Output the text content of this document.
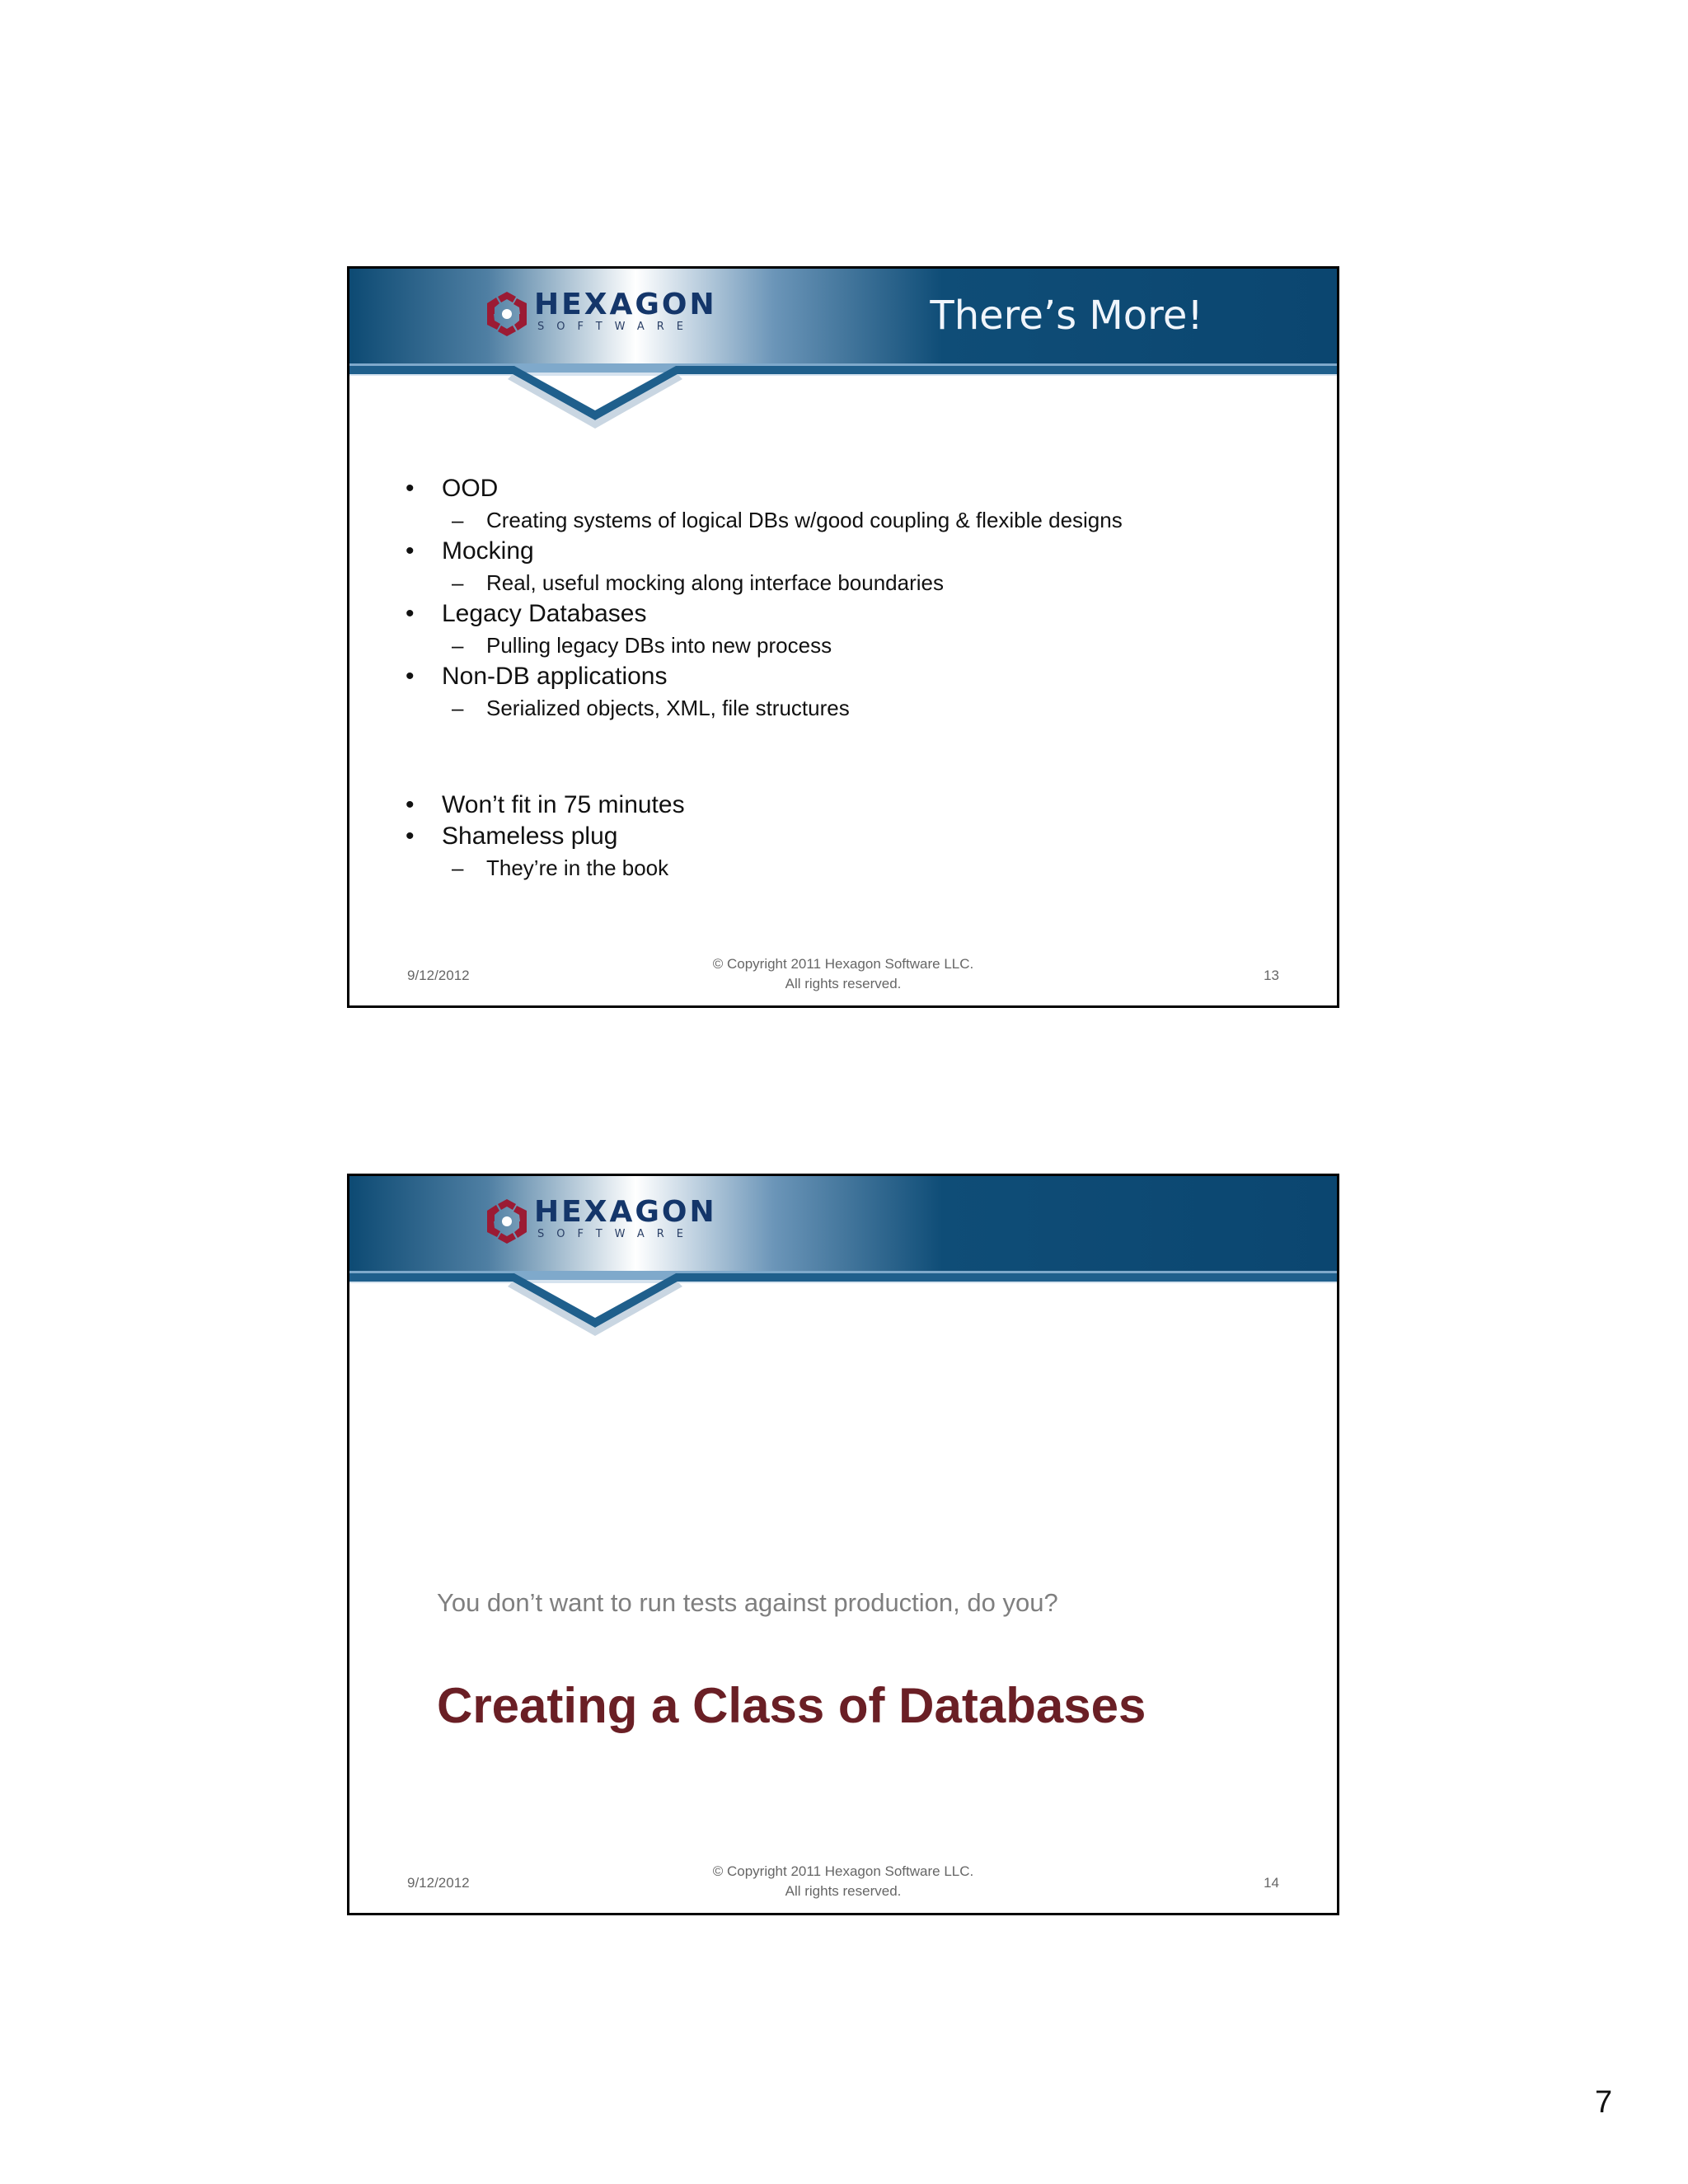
HEXAGON
SOFTWARE	There’s More!
• OOD
– Creating systems of logical DBs w/good coupling & flexible designs
• Mocking
– Real, useful mocking along interface boundaries
• Legacy Databases
– Pulling legacy DBs into new process
• Non-DB applications
– Serialized objects, XML, file structures
• Won’t fit in 75 minutes
• Shameless plug
– They’re in the book
9/12/2012
© Copyright 2011 Hexagon Software LLC.
All rights reserved.
13
HEXAGON
SOFTWARE
You don’t want to run tests against production, do you?
Creating a Class of Databases
9/12/2012
© Copyright 2011 Hexagon Software LLC.
All rights reserved.
14
7
